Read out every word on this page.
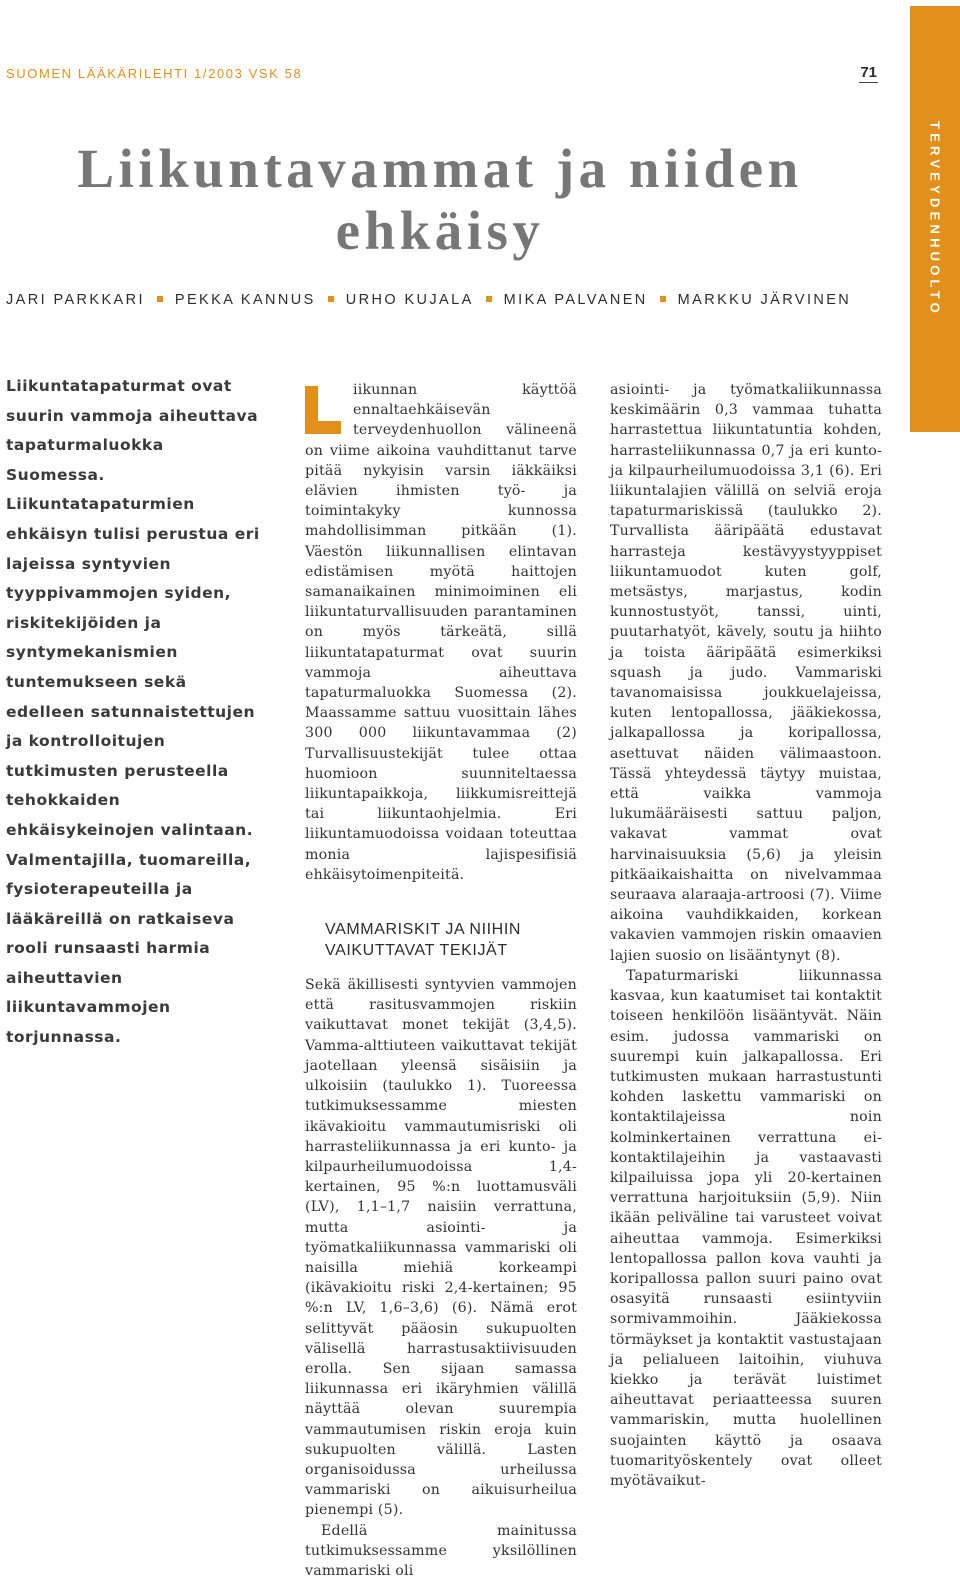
SUOMEN LÄÄKÄRILEHTI 1/2003 VSK 58	71
TERVEYDENHUOLTO
Liikuntavammat ja niiden ehkäisy
JARI PARKKARI PEKKA KANNUS URHO KUJALA MIKA PALVANEN MARKKU JÄRVINEN
Liikuntatapaturmat ovat suurin vammoja aiheuttava tapaturmaluokka Suomessa. Liikuntatapaturmien ehkäisyn tulisi perustua eri lajeissa syntyvien tyyppivammojen syiden, riskitekijöiden ja syntymekanismien tuntemukseen sekä edelleen satunnaistettujen ja kontrolloitujen tutkimusten perusteella tehokkaiden ehkäisykeinojen valintaan. Valmentajilla, tuomareilla, fysioterapeuteilla ja lääkäreillä on ratkaiseva rooli runsaasti harmia aiheuttavien liikuntavammojen torjunnassa.

iikunnan käyttöä ennaltaehkäisevän terveydenhuollon välineenä on viime aikoina vauhdittanut tarve pitää nykyisin varsin iäkkäiksi elävien ihmisten työ- ja toimintakyky kunnossa mahdollisimman pitkään (1). Väestön liikunnallisen elintavan edistämisen myötä haittojen samanaikainen minimoiminen eli liikuntaturvallisuuden parantaminen on myös tärkeätä, sillä liikuntatapaturmat ovat suurin vammoja aiheuttava tapaturmaluokka Suomessa (2). Maassamme sattuu vuosittain lähes 300 000 liikuntavammaa (2) Turvallisuustekijät tulee ottaa huomioon suunniteltaessa liikuntapaikkoja, liikkumisreittejä tai liikuntaohjelmia. Eri liikuntamuodoissa voidaan toteuttaa monia lajispesifisiä ehkäisytoimenpiteitä.

VAMMARISKIT JA NIIHIN VAIKUTTAVAT TEKIJÄT

Sekä äkillisesti syntyvien vammojen että rasitusvammojen riskiin vaikuttavat monet tekijät (3,4,5). Vamma-alttiuteen vaikuttavat tekijät jaotellaan yleensä sisäisiin ja ulkoisiin (taulukko 1). Tuoreessa tutkimuksessamme miesten ikävakioitu vammautumisriski oli harrasteliikunnassa ja eri kunto- ja kilpaurheilumuodoissa 1,4-kertainen, 95 %:n luottamusväli (LV), 1,1–1,7 naisiin verrattuna, mutta asiointi- ja työmatkaliikunnassa vammariski oli naisilla miehiä korkeampi (ikävakioitu riski 2,4-kertainen; 95 %:n LV, 1,6–3,6) (6). Nämä erot selittyvät pääosin sukupuolten välisellä harrastusaktiivisuuden erolla. Sen sijaan samassa liikunnassa eri ikäryhmien välillä näyttää olevan suurempia vammautumisen riskin eroja kuin sukupuolten välillä. Lasten organisoidussa urheilussa vammariski on aikuisurheilua pienempi (5).

Edellä mainitussa tutkimuksessamme yksilöllinen vammariski oli

asiointi- ja työmatkaliikunnassa keskimäärin 0,3 vammaa tuhatta harrastettua liikuntatuntia kohden, harrasteliikunnassa 0,7 ja eri kunto- ja kilpaurheilumuodoissa 3,1 (6). Eri liikuntalajien välillä on selviä eroja tapaturmariskissä (taulukko 2). Turvallista ääripäätä edustavat harrasteja kestävyystyyppiset liikuntamuodot kuten golf, metsästys, marjastus, kodin kunnostustyöt, tanssi, uinti, puutarhatyöt, kävely, soutu ja hiihto ja toista ääripäätä esimerkiksi squash ja judo. Vammariski tavanomaisissa joukkuelajeissa, kuten lentopallossa, jääkiekossa, jalkapallossa ja koripallossa, asettuvat näiden välimaastoon. Tässä yhteydessä täytyy muistaa, että vaikka vammoja lukumääräisesti sattuu paljon, vakavat vammat ovat harvinaisuuksia (5,6) ja yleisin pitkäaikaishaitta on nivelvammaa seuraava alaraaja-artroosi (7). Viime aikoina vauhdikkaiden, korkean vakavien vammojen riskin omaavien lajien suosio on lisääntynyt (8).

Tapaturmariski liikunnassa kasvaa, kun kaatumiset tai kontaktit toiseen henkilöön lisääntyvät. Näin esim. judossa vammariski on suurempi kuin jalkapallossa. Eri tutkimusten mukaan harrastustunti kohden laskettu vammariski on kontaktilajeissa noin kolminkertainen verrattuna ei-kontaktilajeihin ja vastaavasti kilpailuissa jopa yli 20-kertainen verrattuna harjoituksiin (5,9). Niin ikään peliväline tai varusteet voivat aiheuttaa vammoja. Esimerkiksi lentopallossa pallon kova vauhti ja koripallossa pallon suuri paino ovat osasyitä runsaasti esiintyviin sormivammoihin. Jääkiekossa törmäykset ja kontaktit vastustajaan ja pelialueen laitoihin, viuhuva kiekko ja terävät luistimet aiheuttavat periaatteessa suuren vammariskin, mutta huolellinen suojainten käyttö ja osaava tuomarityöskentely ovat olleet myötävaikut-
